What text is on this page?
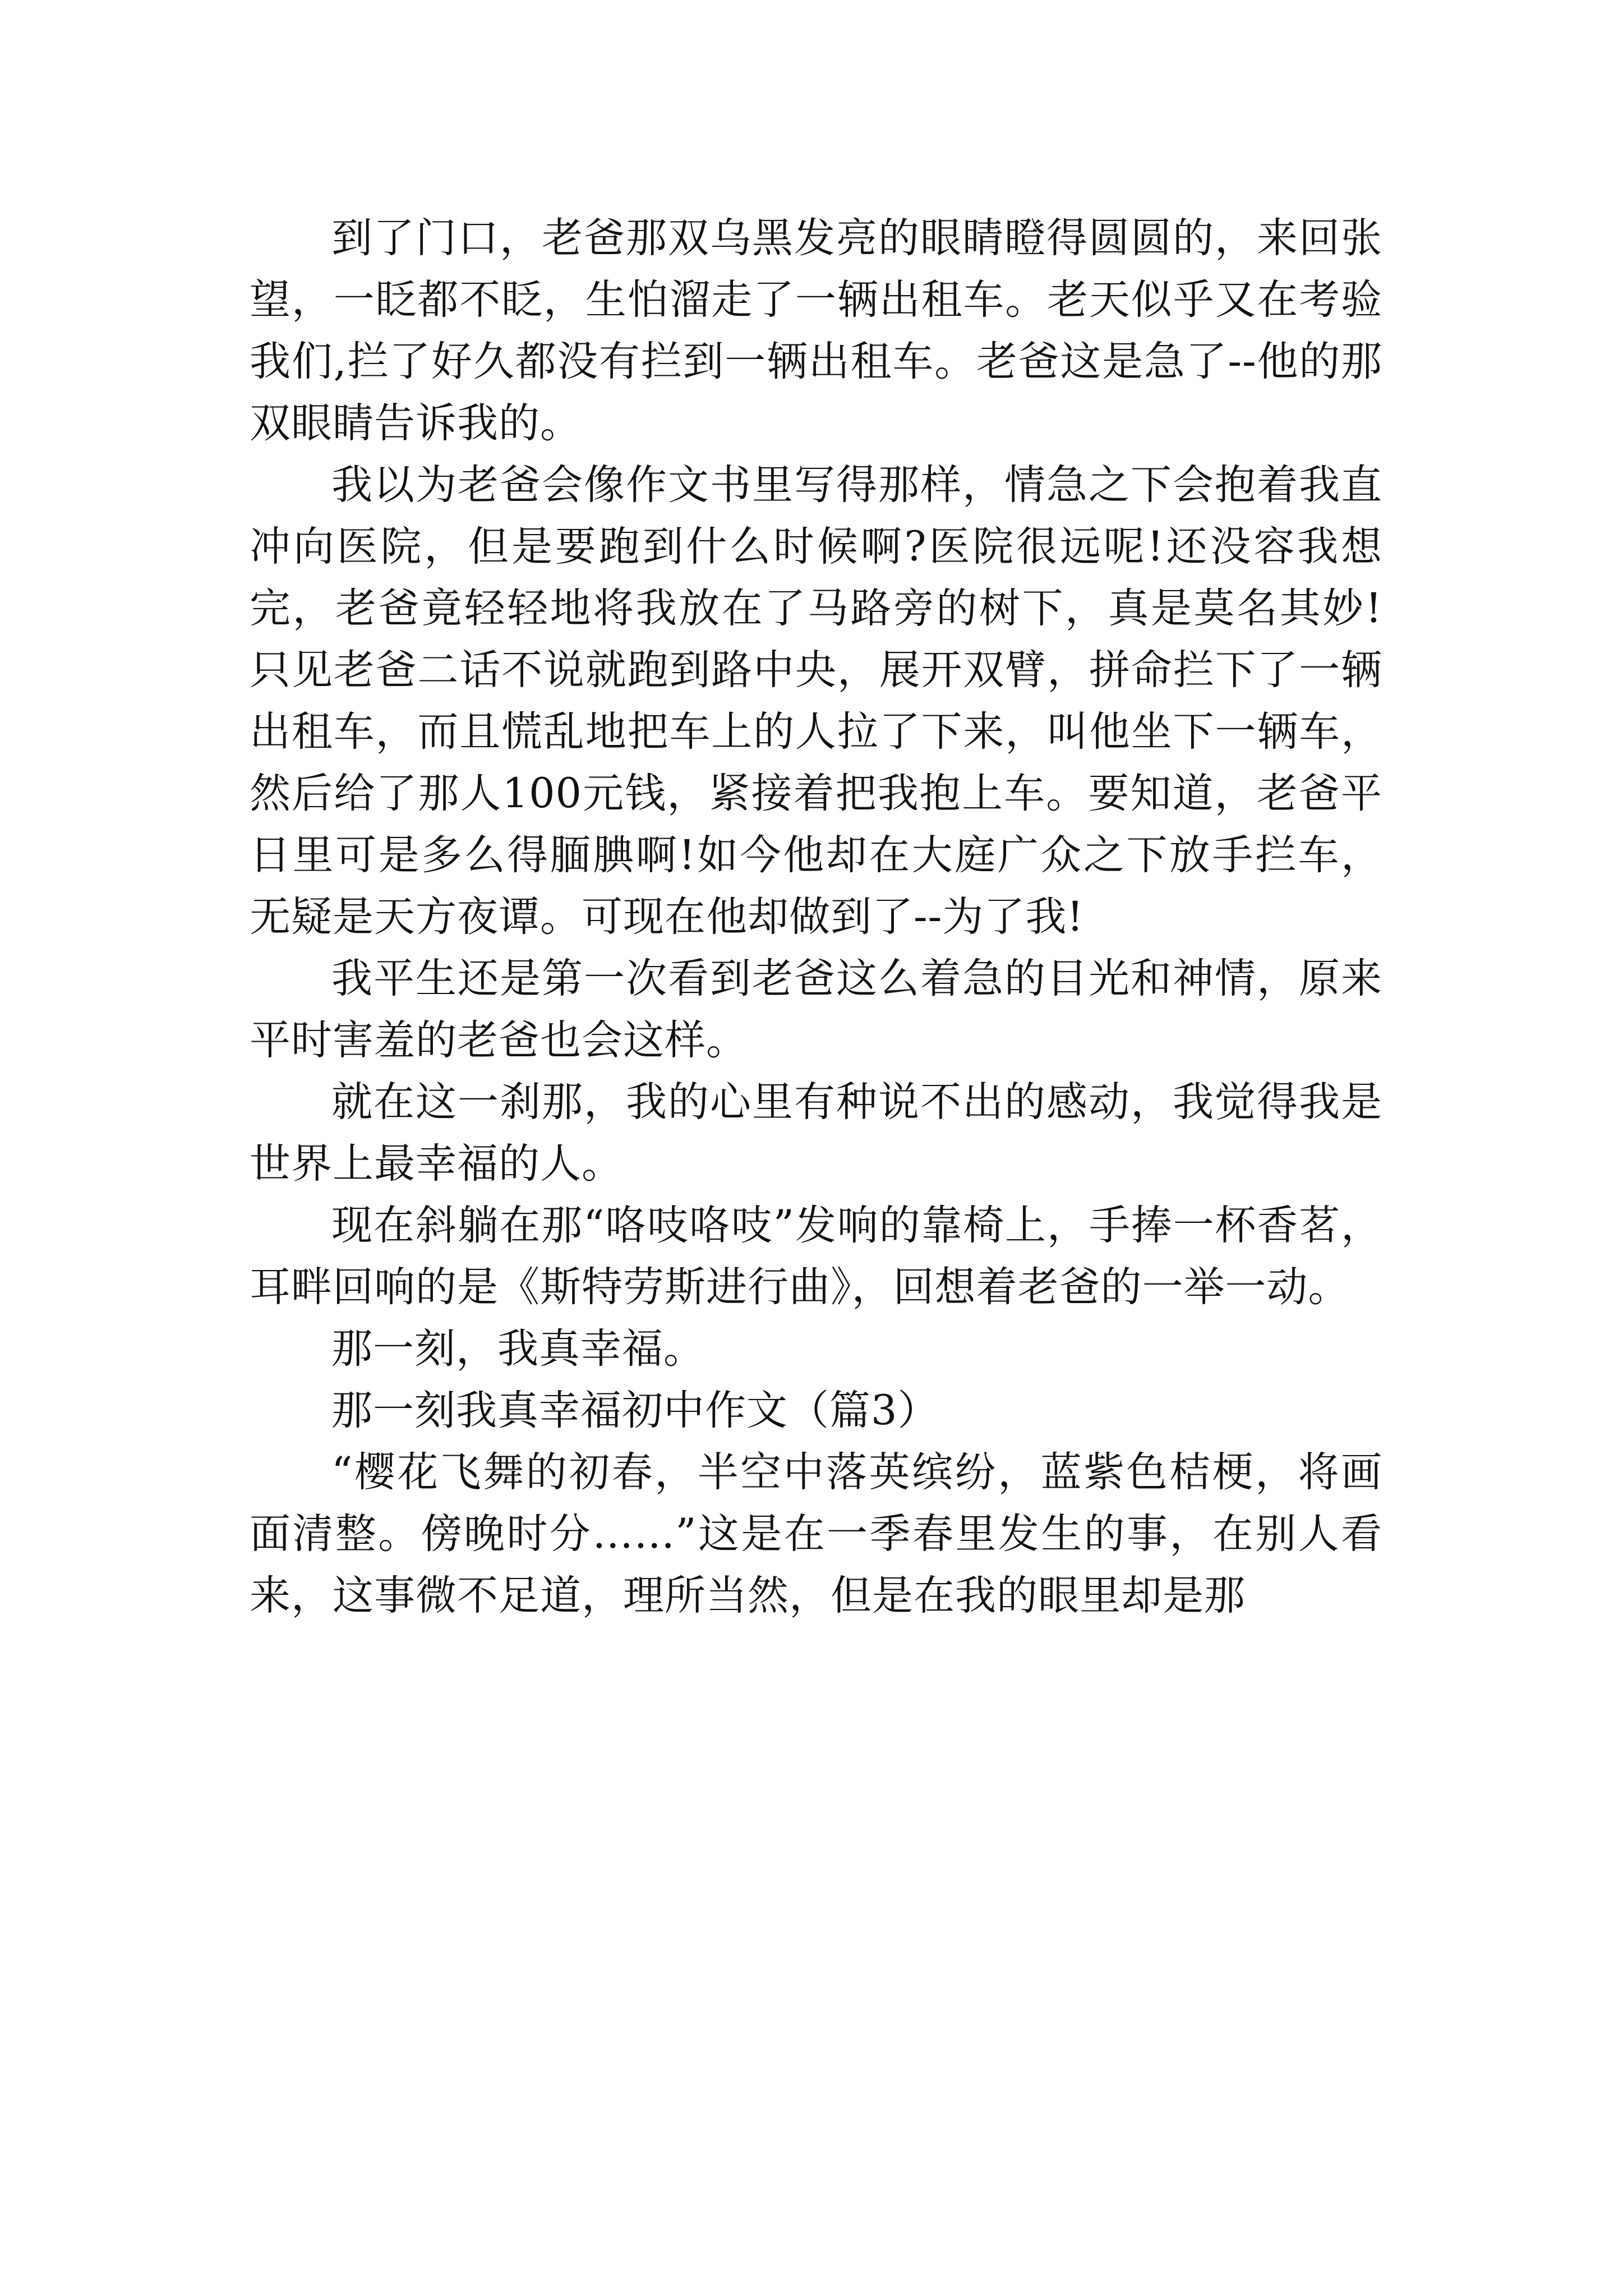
到了门口，老爸那双乌黑发亮的眼睛瞪得圆圆的，来回张望，一眨都不眨，生怕溜走了一辆出租车。老天似乎又在考验我们,拦了好久都没有拦到一辆出租车。老爸这是急了--他的那双眼睛告诉我的。

我以为老爸会像作文书里写得那样，情急之下会抱着我直冲向医院，但是要跑到什么时候啊?医院很远呢!还没容我想完，老爸竟轻轻地将我放在了马路旁的树下，真是莫名其妙!只见老爸二话不说就跑到路中央，展开双臂，拼命拦下了一辆出租车，而且慌乱地把车上的人拉了下来，叫他坐下一辆车，然后给了那人100元钱，紧接着把我抱上车。要知道，老爸平日里可是多么得腼腆啊!如今他却在大庭广众之下放手拦车，无疑是天方夜谭。可现在他却做到了--为了我!

我平生还是第一次看到老爸这么着急的目光和神情，原来平时害羞的老爸也会这样。

就在这一刹那，我的心里有种说不出的感动，我觉得我是世界上最幸福的人。

现在斜躺在那“咯吱咯吱”发响的靠椅上，手捧一杯香茗，耳畔回响的是《斯特劳斯进行曲》，回想着老爸的一举一动。

那一刻，我真幸福。

那一刻我真幸福初中作文（篇3）

“樱花飞舞的初春，半空中落英缤纷，蓝紫色桔梗，将画面清整。傍晚时分……”这是在一季春里发生的事，在别人看来，这事微不足道，理所当然，但是在我的眼里却是那
